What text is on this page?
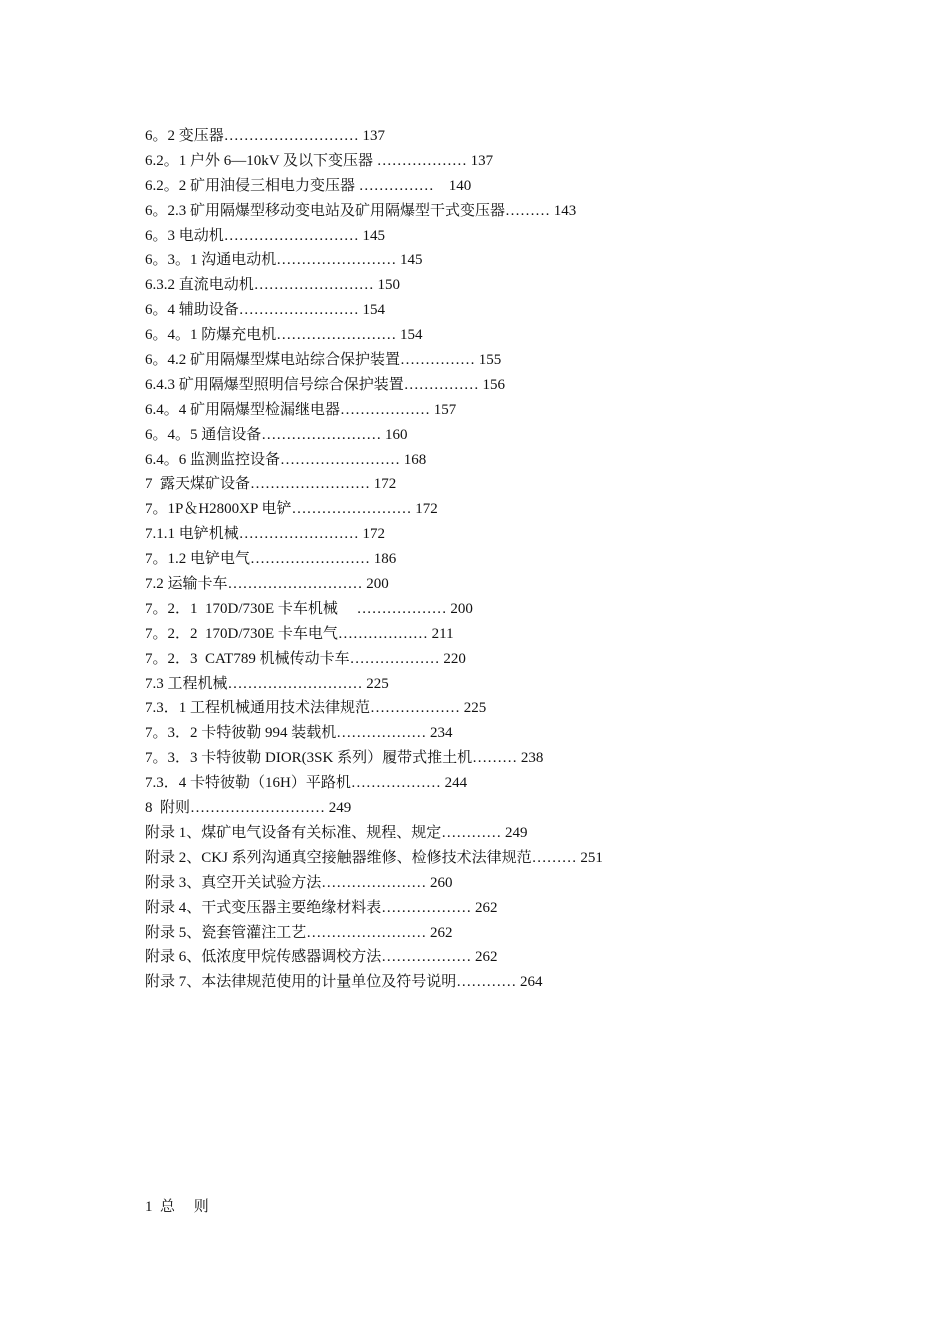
6。2 变压器……………………… 137
6.2。1 户外 6—10kV 及以下变压器 ……………… 137
6.2。2 矿用油侵三相电力变压器 ……………    140
6。2.3 矿用隔爆型移动变电站及矿用隔爆型干式变压器……… 143
6。3 电动机……………………… 145
6。3。1 沟通电动机…………………… 145
6.3.2 直流电动机…………………… 150
6。4 辅助设备…………………… 154
6。4。1 防爆充电机…………………… 154
6。4.2 矿用隔爆型煤电站综合保护装置…………… 155
6.4.3 矿用隔爆型照明信号综合保护装置…………… 156
6.4。4 矿用隔爆型检漏继电器……………… 157
6。4。5 通信设备…………………… 160
6.4。6 监测监控设备…………………… 168
7  露天煤矿设备…………………… 172
7。1P＆H2800XP 电铲…………………… 172
7.1.1 电铲机械…………………… 172
7。1.2 电铲电气…………………… 186
7.2 运输卡车……………………… 200
7。2．1  170D/730E 卡车机械     ……………… 200
7。2．2  170D/730E 卡车电气……………… 211
7。2．3  CAT789 机械传动卡车……………… 220
7.3 工程机械……………………… 225
7.3．1 工程机械通用技术法律规范……………… 225
7。3．2 卡特彼勒 994 装载机……………… 234
7。3．3 卡特彼勒 DIOR(3SK 系列）履带式推土机……… 238
7.3．4 卡特彼勒（16H）平路机……………… 244
8  附则……………………… 249
附录 1、煤矿电气设备有关标准、规程、规定………… 249
附录 2、CKJ 系列沟通真空接触器维修、检修技术法律规范……… 251
附录 3、真空开关试验方法………………… 260
附录 4、干式变压器主要绝缘材料表……………… 262
附录 5、瓷套管灌注工艺…………………… 262
附录 6、低浓度甲烷传感器调校方法……………… 262
附录 7、本法律规范使用的计量单位及符号说明………… 264
1  总     则
